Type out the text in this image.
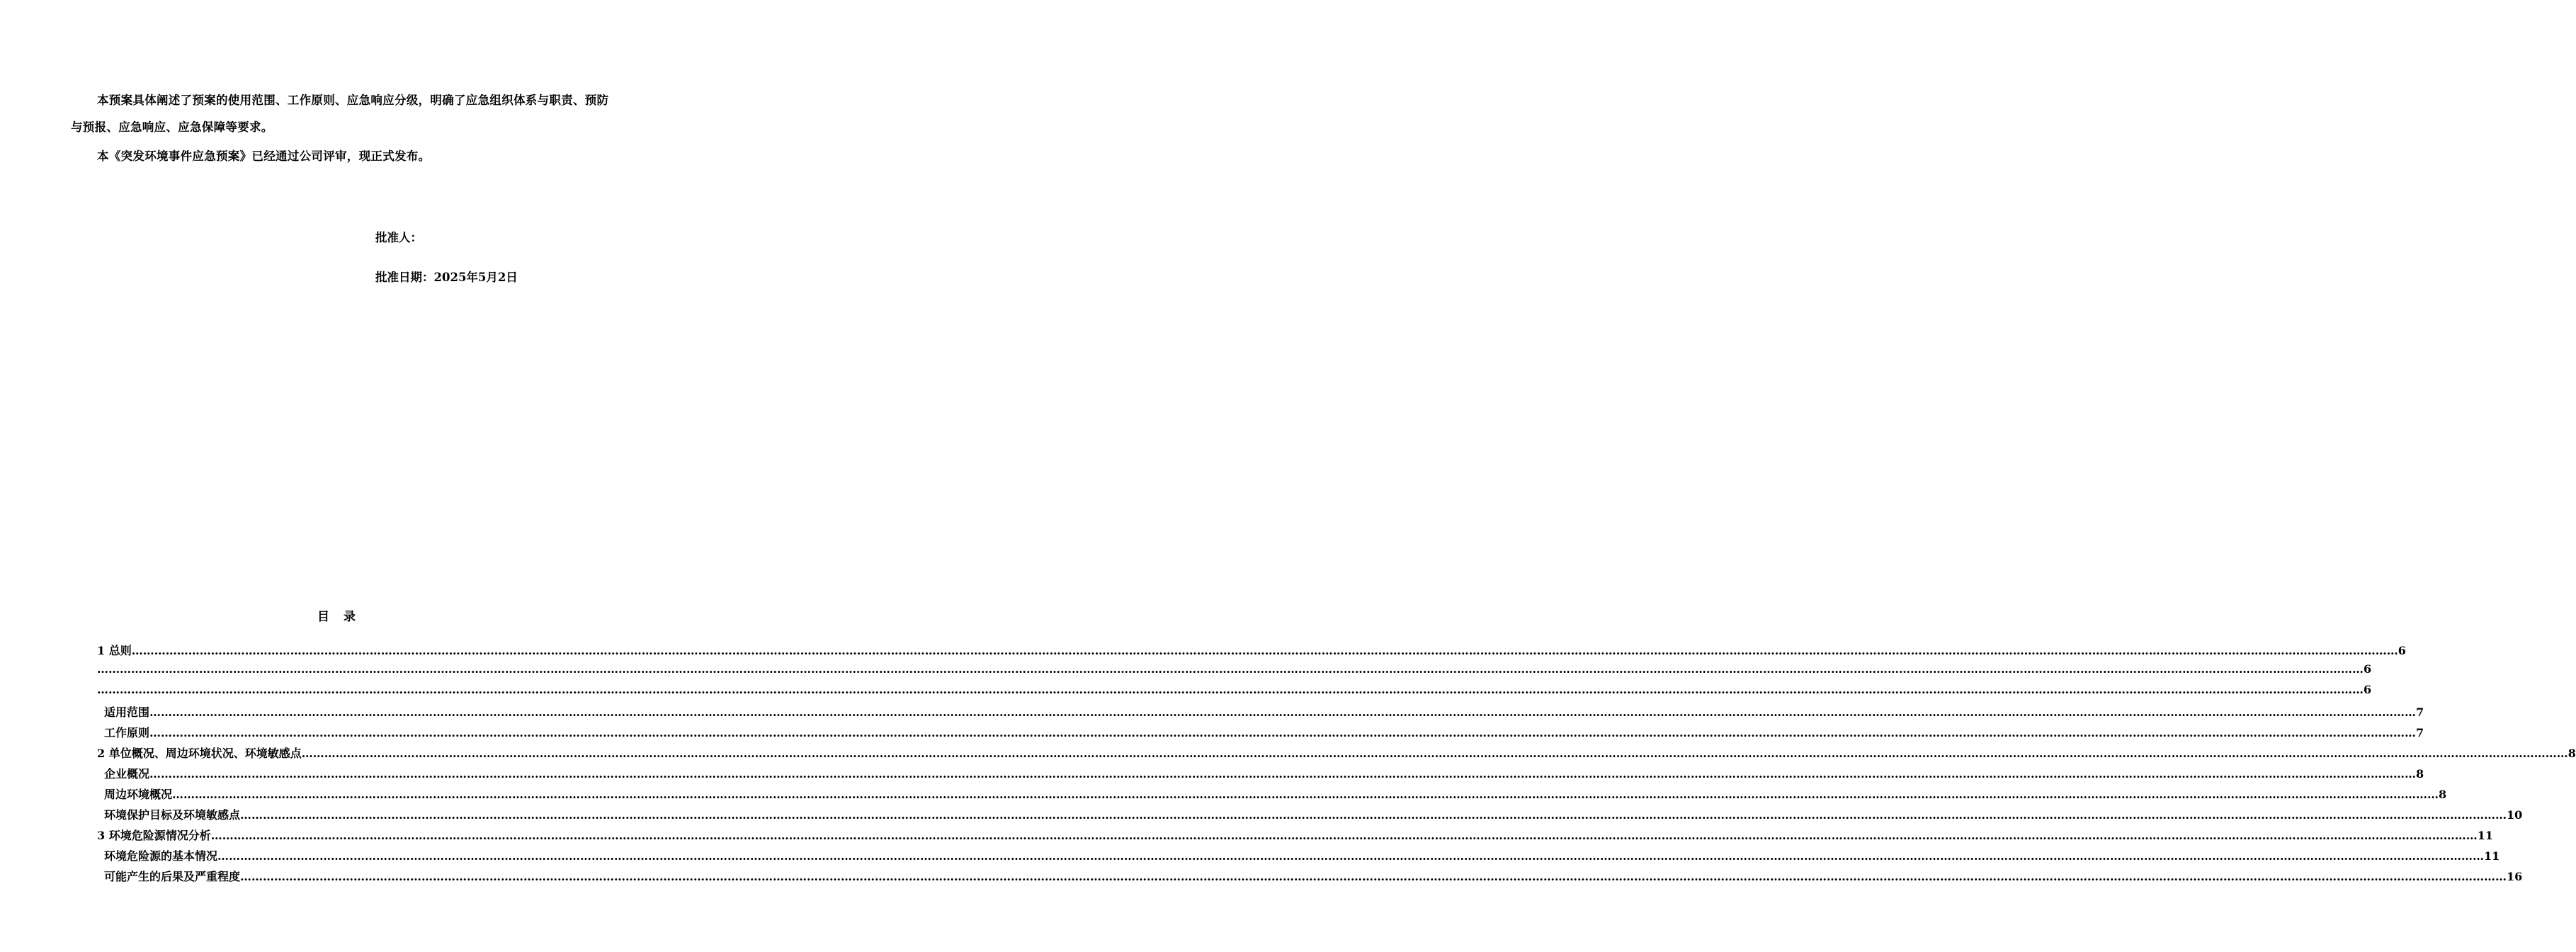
本预案具体阐述了预案的使用范围、工作原则、应急响应分级，明确了应急组织体系与职责、预防与预报、应急响应、应急保障等要求。

本《突发环境事件应急预案》已经通过公司评审，现正式发布。

批准人：

批准日期：2025年5月2日

目录
1 总则 …………………………………………………………………………………………………………………………………………………………………………………………………………………………………………………………………………………………………………………………………………………………………………………………………………………………………………………………………………………………………………………………………………………… 6
…………………………………………………………………………………………………………………………………………………………………………………………………………………………………………………………………………………………………………………………………………………………………………………………………………………………………………………………………………………………………………………………………………………… 6
…………………………………………………………………………………………………………………………………………………………………………………………………………………………………………………………………………………………………………………………………………………………………………………………………………………………………………………………………………………………………………………………………………………… 6
适用范围 …………………………………………………………………………………………………………………………………………………………………………………………………………………………………………………………………………………………………………………………………………………………………………………………………………………………………………………………………………………………………………………………………………………… 7
工作原则 …………………………………………………………………………………………………………………………………………………………………………………………………………………………………………………………………………………………………………………………………………………………………………………………………………………………………………………………………………………………………………………………………………………… 7
2 单位概况、周边环境状况、环境敏感点 …………………………………………………………………………………………………………………………………………………………………………………………………………………………………………………………………………………………………………………………………………………………………………………………………………………………………………………………………………………………………………………………………………………… 8
企业概况 …………………………………………………………………………………………………………………………………………………………………………………………………………………………………………………………………………………………………………………………………………………………………………………………………………………………………………………………………………………………………………………………………………………… 8
周边环境概况 …………………………………………………………………………………………………………………………………………………………………………………………………………………………………………………………………………………………………………………………………………………………………………………………………………………………………………………………………………………………………………………………………………………… 8
环境保护目标及环境敏感点 …………………………………………………………………………………………………………………………………………………………………………………………………………………………………………………………………………………………………………………………………………………………………………………………………………………………………………………………………………………………………………………………………………………… 10
3 环境危险源情况分析 …………………………………………………………………………………………………………………………………………………………………………………………………………………………………………………………………………………………………………………………………………………………………………………………………………………………………………………………………………………………………………………………………………………… 11
环境危险源的基本情况 …………………………………………………………………………………………………………………………………………………………………………………………………………………………………………………………………………………………………………………………………………………………………………………………………………………………………………………………………………………………………………………………………………………… 11
可能产生的后果及严重程度 …………………………………………………………………………………………………………………………………………………………………………………………………………………………………………………………………………………………………………………………………………………………………………………………………………………………………………………………………………………………………………………………………………………… 16
